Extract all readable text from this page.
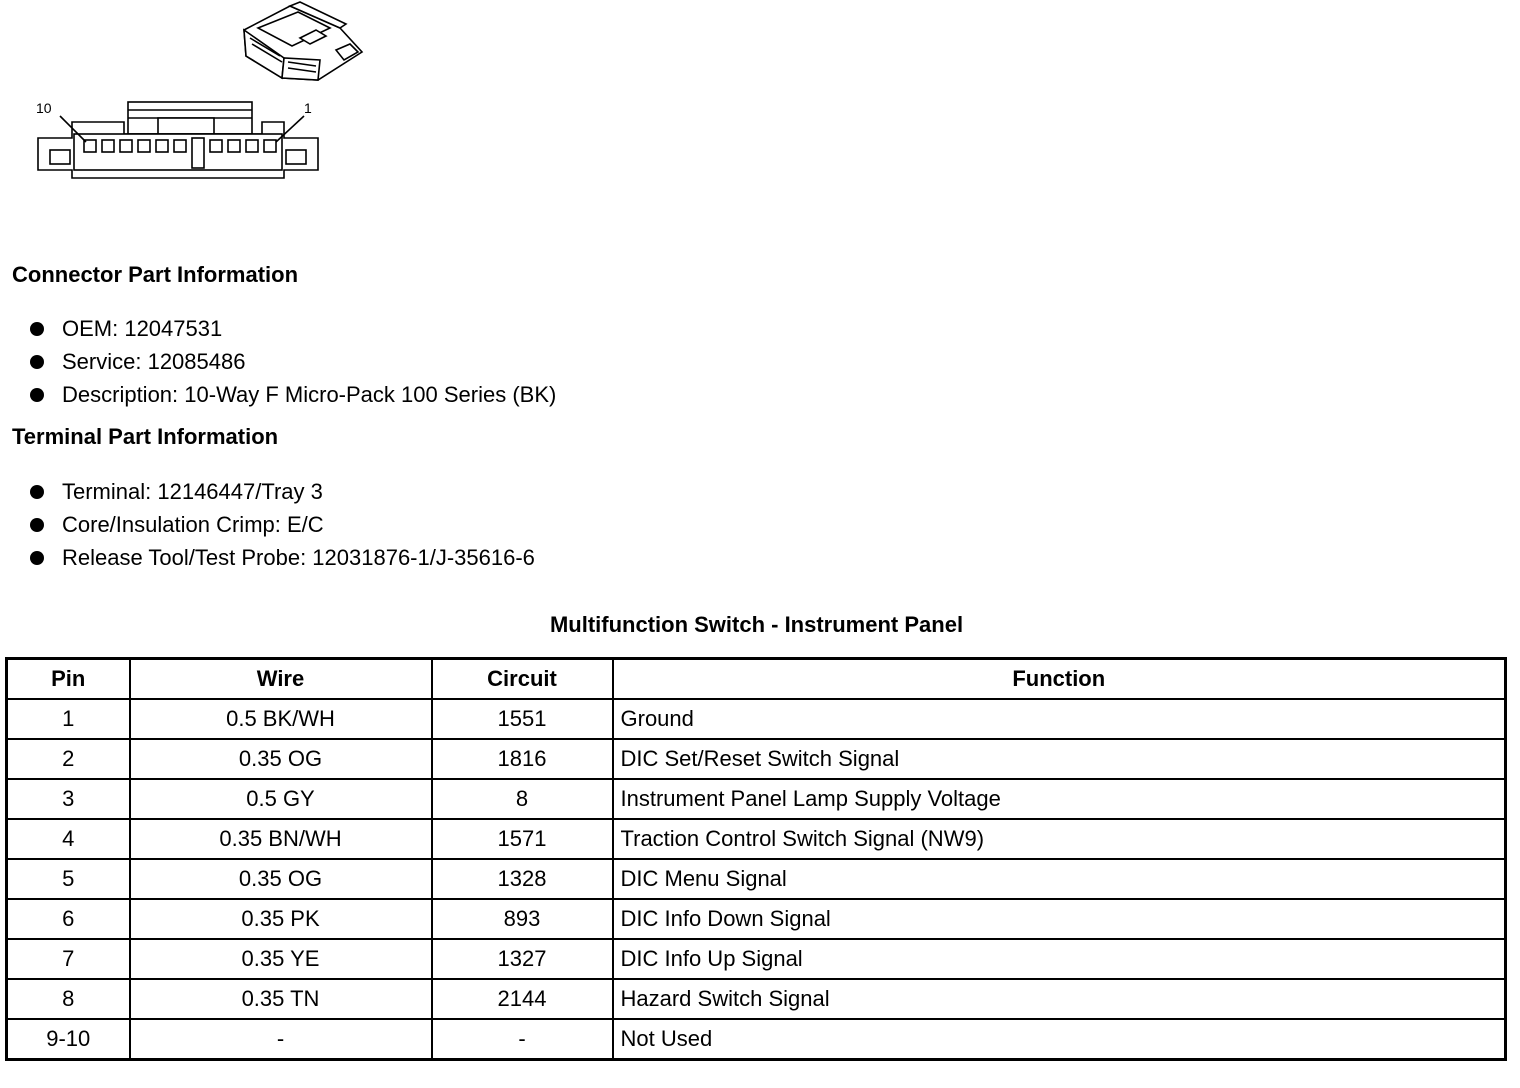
10	1
Connector Part Information
OEM: 12047531
Service: 12085486
Description: 10-Way F Micro-Pack 100 Series (BK)
Terminal Part Information
Terminal: 12146447/Tray 3
Core/Insulation Crimp: E/C
Release Tool/Test Probe: 12031876-1/J-35616-6
Multifunction Switch - Instrument Panel
Pin	Wire	Circuit	Function
1	0.5 BK/WH	1551	Ground
2	0.35 OG	1816	DIC Set/Reset Switch Signal
3	0.5 GY	8	Instrument Panel Lamp Supply Voltage
4	0.35 BN/WH	1571	Traction Control Switch Signal (NW9)
5	0.35 OG	1328	DIC Menu Signal
6	0.35 PK	893	DIC Info Down Signal
7	0.35 YE	1327	DIC Info Up Signal
8	0.35 TN	2144	Hazard Switch Signal
9-10	-	-	Not Used
